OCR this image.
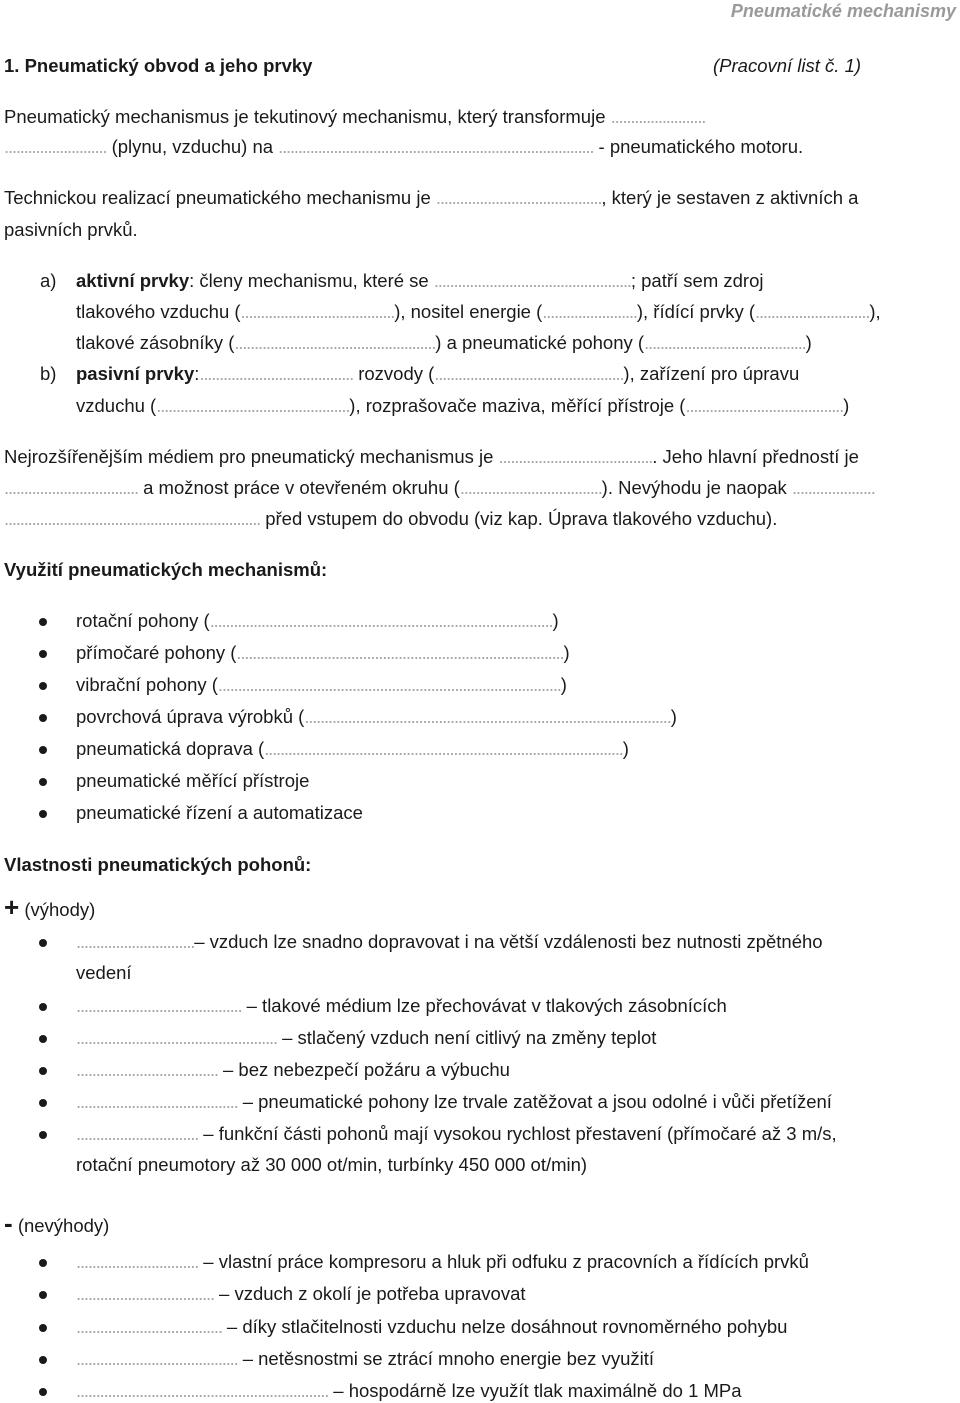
Pneumatické mechanismy
1. Pneumatický obvod a jeho prvky	(Pracovní list č. 1)
Pneumatický mechanismus je tekutinový mechanismu, který transformuje ........................
.......................... (plynu, vzduchu) na ................................................................................ - pneumatického motoru.
Technickou realizací pneumatického mechanismu je .........................................., který je sestaven z aktivních a
pasivních prvků.
a) aktivní prvky: členy mechanismu, které se ..................................................; patří sem zdroj
tlakového vzduchu (.......................................), nositel energie (........................), řídící prvky (.............................),
tlakové zásobníky (...................................................) a pneumatické pohony (.........................................)
b) pasivní prvky:....................................... rozvody (................................................), zařízení pro úpravu
vzduchu (.................................................), rozprašovače maziva, měřící přístroje (........................................)
Nejrozšířenějším médiem pro pneumatický mechanismus je ........................................ Jeho hlavní předností je
.................................. a možnost práce v otevřeném okruhu (....................................). Nevýhodu je naopak .....................
................................................................. před vstupem do obvodu (viz kap. Úprava tlakového vzduchu).
Využití pneumatických mechanismů:
rotační pohony (.......................................................................................)
přímočaré pohony (...................................................................................)
vibrační pohony (.......................................................................................)
povrchová úprava výrobků (.............................................................................................)
pneumatická doprava (...........................................................................................)
pneumatické měřící přístroje
pneumatické řízení a automatizace
Vlastnosti pneumatických pohonů:
+ (výhody)
..............................– vzduch lze snadno dopravovat i na větší vzdálenosti bez nutnosti zpětného
vedení
.......................................... – tlakové médium lze přechovávat v tlakových zásobnících
................................................... – stlačený vzduch není citlivý na změny teplot
.................................... – bez nebezpečí požáru a výbuchu
......................................... – pneumatické pohony lze trvale zatěžovat a jsou odolné i vůči přetížení
............................... – funkční části pohonů mají vysokou rychlost přestavení (přímočaré až 3 m/s,
rotační pneumotory až 30 000 ot/min, turbínky 450 000 ot/min)
- (nevýhody)
............................... – vlastní práce kompresoru a hluk při odfuku z pracovních a řídících prvků
................................... – vzduch z okolí je potřeba upravovat
..................................... – díky stlačitelnosti vzduchu nelze dosáhnout rovnoměrného pohybu
......................................... – netěsnostmi se ztrácí mnoho energie bez využití
................................................................ – hospodárně lze využít tlak maximálně do 1 MPa
